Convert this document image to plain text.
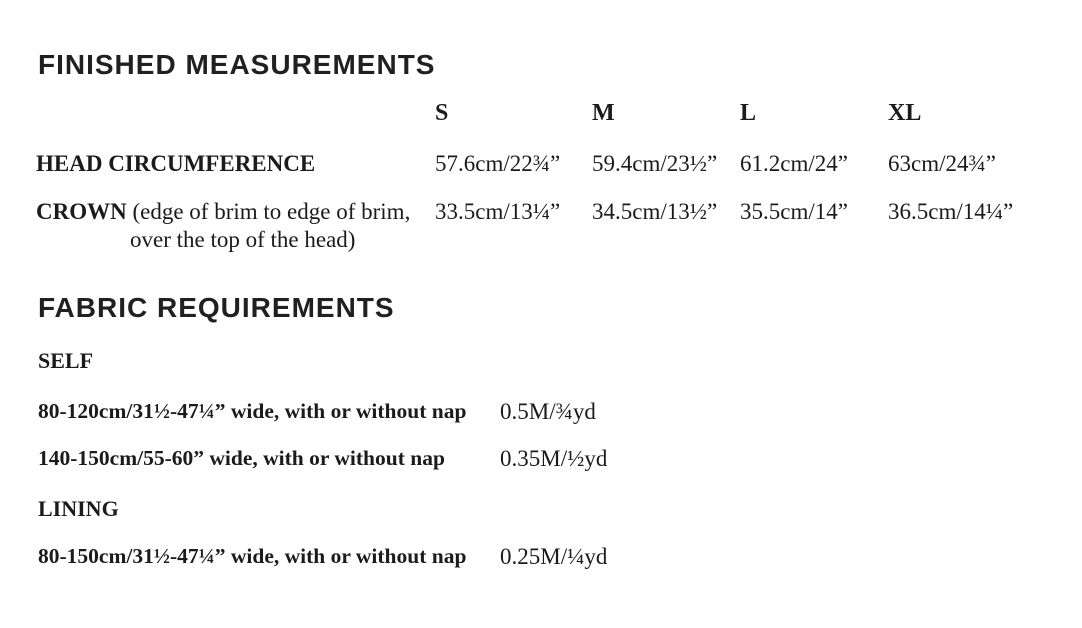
FINISHED MEASUREMENTS
S	M	L	XL
HEAD CIRCUMFERENCE	57.6cm/22¾” 59.4cm/23½” 61.2cm/24” 63cm/24¾”
CROWN (edge of brim to edge of brim,
over the top of the head)
33.5cm/13¼” 34.5cm/13½” 35.5cm/14” 36.5cm/14¼”
FABRIC REQUIREMENTS
SELF
80-120cm/31½-47¼” wide, with or without nap 0.5M/¾yd
140-150cm/55-60” wide, with or without nap 0.35M/½yd
LINING
80-150cm/31½-47¼” wide, with or without nap 0.25M/¼yd
